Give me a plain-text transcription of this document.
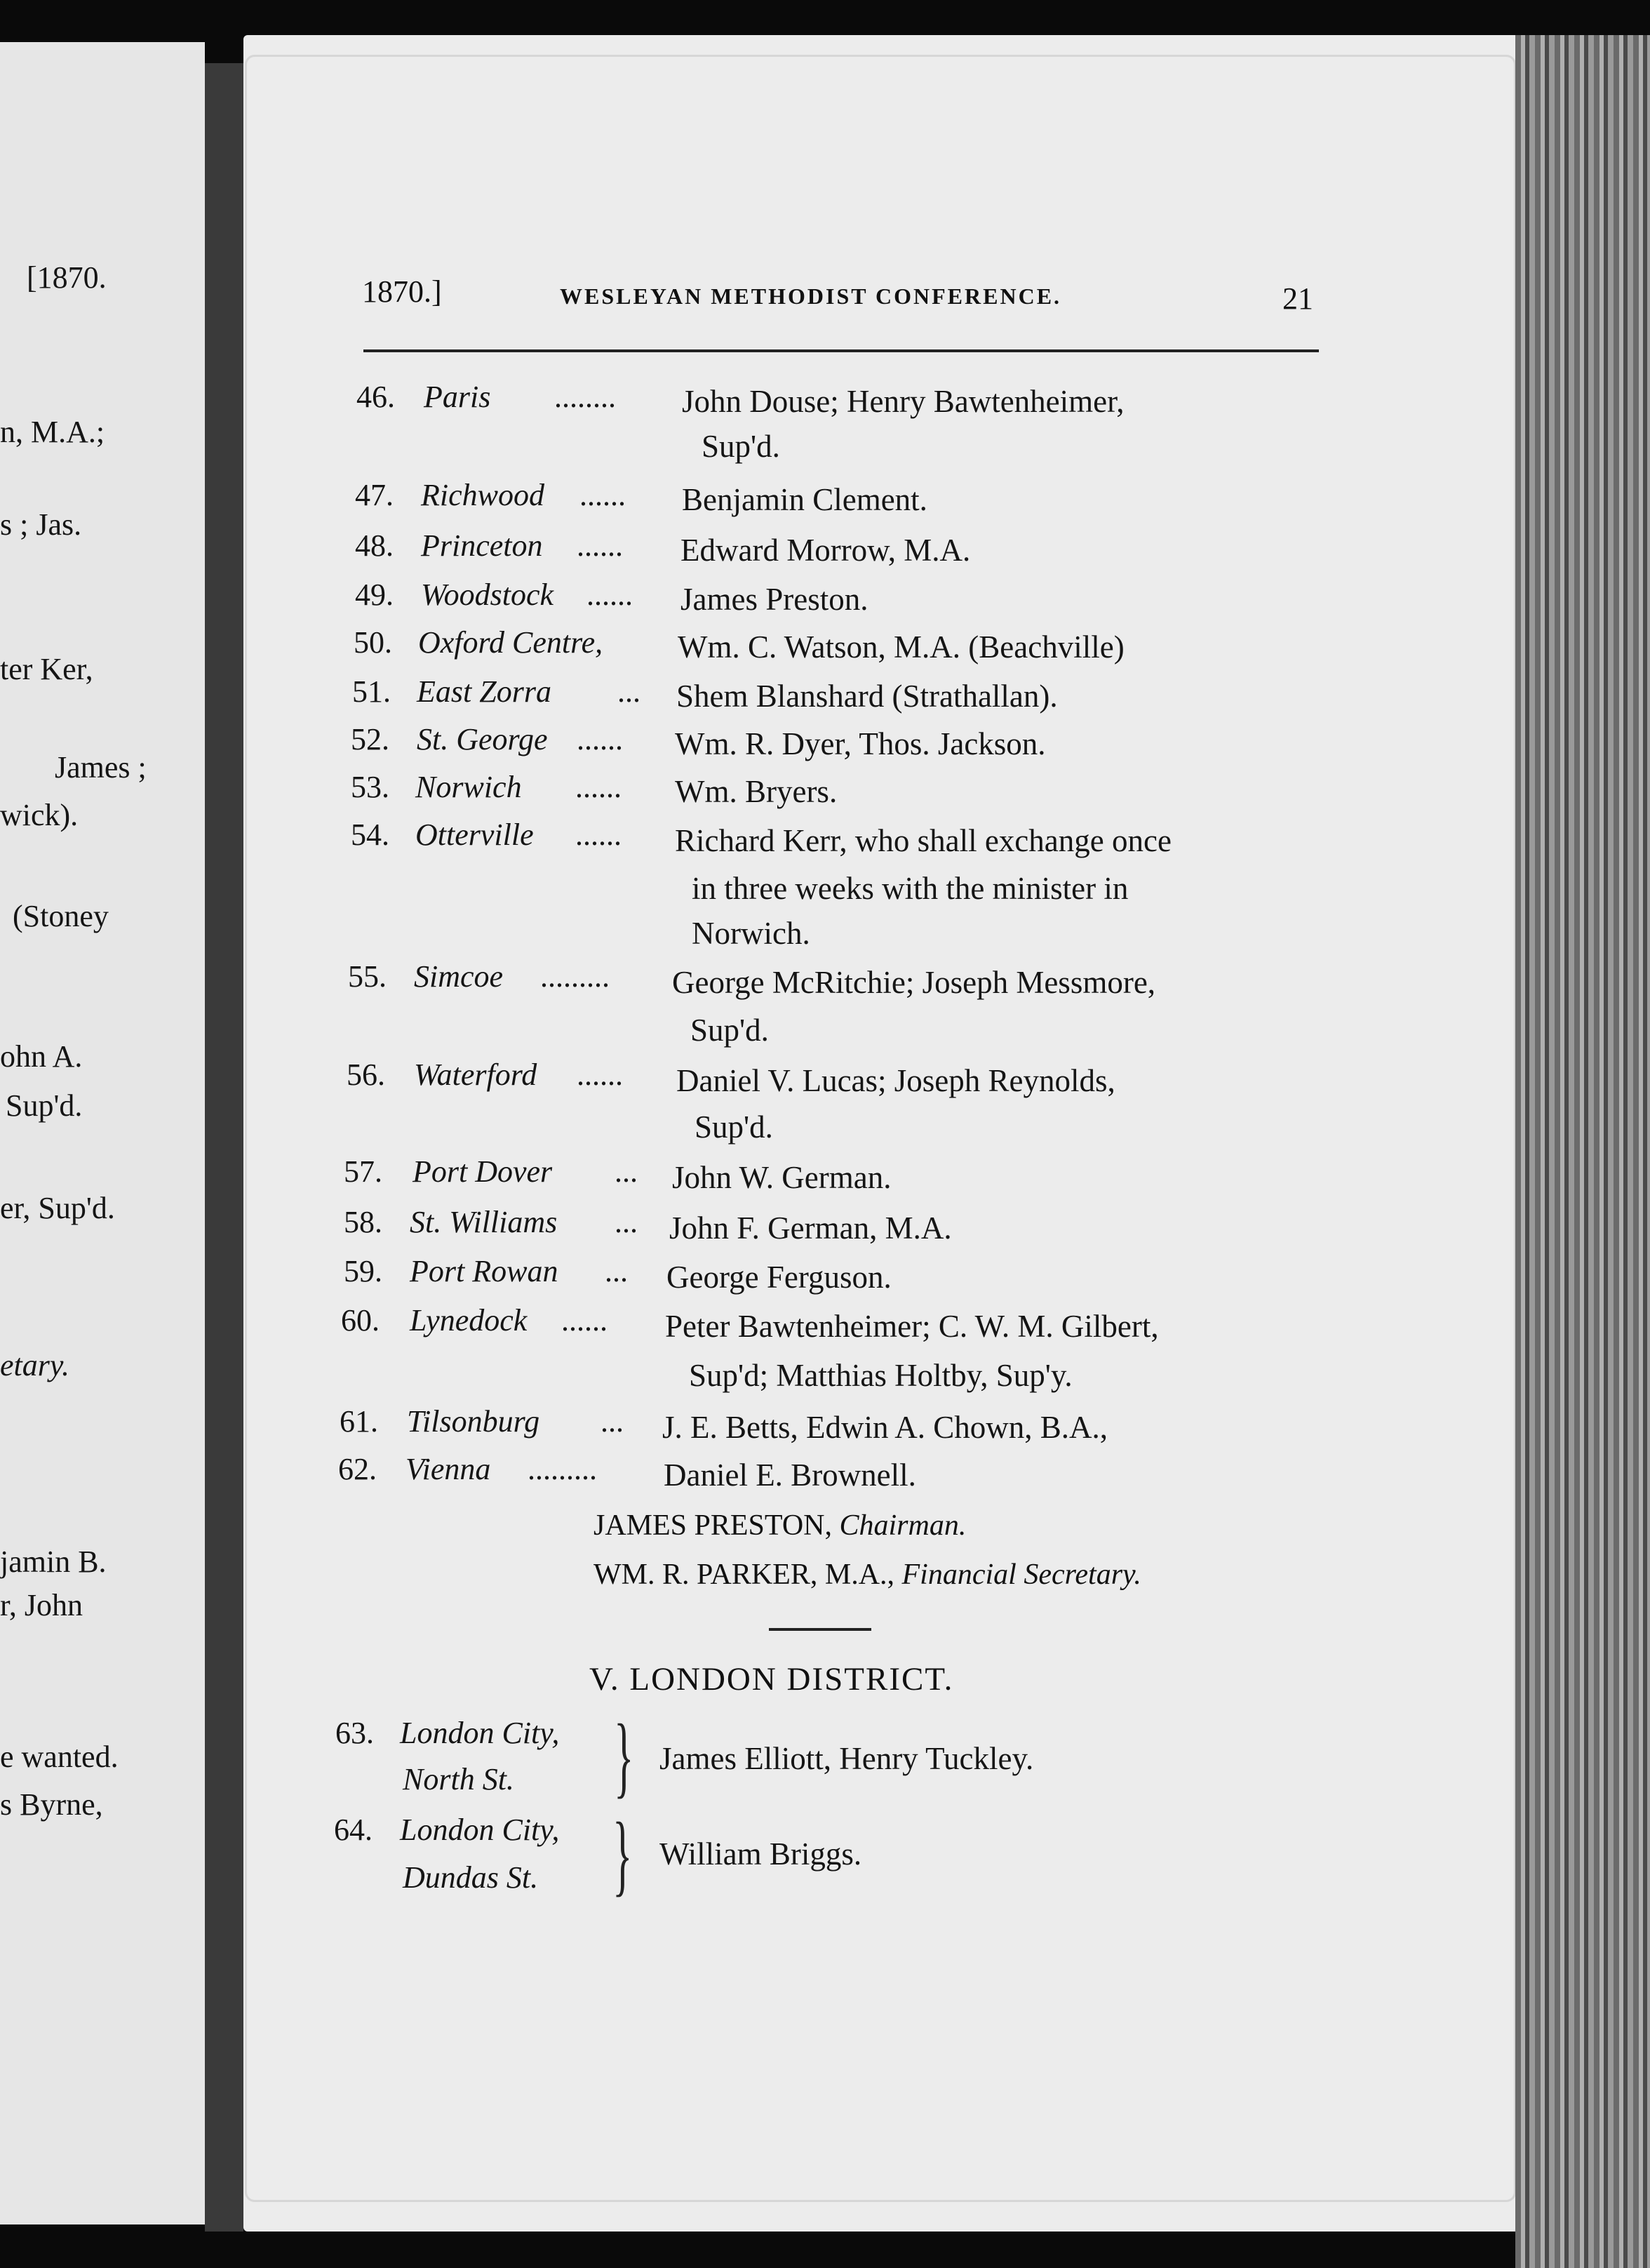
[1870.
n, M.A.;
s ; Jas.
ter Ker,
James ;
wick).
(Stoney
ohn A.
Sup'd.
er, Sup'd.
etary.
jamin B.
r, John
e wanted.
s Byrne,
1870.]	WESLEYAN METHODIST CONFERENCE.	21
46. Paris ........ John Douse; Henry Bawtenheimer,
Sup'd.
47. Richwood ...... Benjamin Clement.
48. Princeton ...... Edward Morrow, M.A.
49. Woodstock ...... James Preston.
50. Oxford Centre, Wm. C. Watson, M.A. (Beachville)
51. East Zorra ... Shem Blanshard (Strathallan).
52. St. George ...... Wm. R. Dyer, Thos. Jackson.
53. Norwich ...... Wm. Bryers.
54. Otterville ...... Richard Kerr, who shall exchange once
in three weeks with the minister in
Norwich.
55. Simcoe ......... George McRitchie; Joseph Messmore,
Sup'd.
56. Waterford ...... Daniel V. Lucas; Joseph Reynolds,
Sup'd.
57. Port Dover ... John W. German.
58. St. Williams ... John F. German, M.A.
59. Port Rowan ... George Ferguson.
60. Lynedock ...... Peter Bawtenheimer; C. W. M. Gilbert,
Sup'd; Matthias Holtby, Sup'y.
61. Tilsonburg ... J. E. Betts, Edwin A. Chown, B.A.,
62. Vienna ......... Daniel E. Brownell.
JAMES PRESTON, Chairman.
WM. R. PARKER, M.A., Financial Secretary.
V. LONDON DISTRICT.
63. London City,
North St. } James Elliott, Henry Tuckley.
64. London City,
Dundas St. } William Briggs.
